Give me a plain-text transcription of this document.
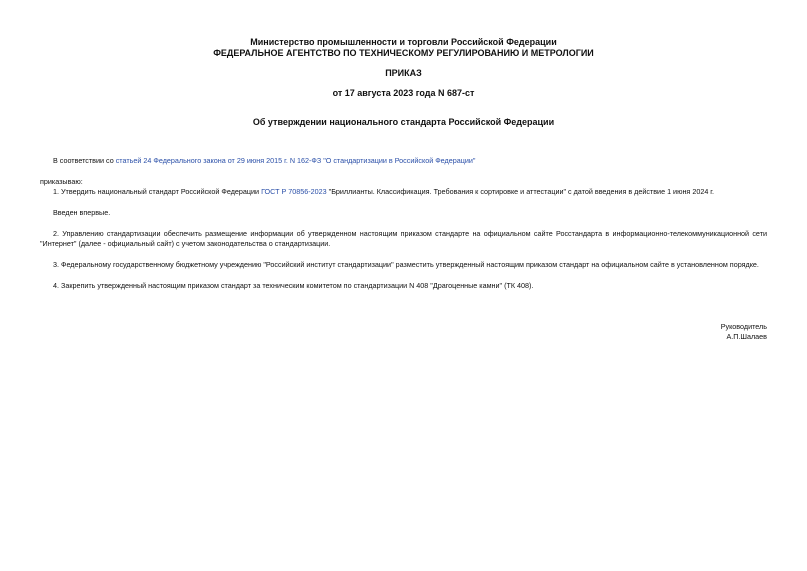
Министерство промышленности и торговли Российской Федерации
ФЕДЕРАЛЬНОЕ АГЕНТСТВО ПО ТЕХНИЧЕСКОМУ РЕГУЛИРОВАНИЮ И МЕТРОЛОГИИ
ПРИКАЗ
от 17 августа 2023 года N 687-ст
Об утверждении национального стандарта Российской Федерации
В соответствии со статьей 24 Федерального закона от 29 июня 2015 г. N 162-ФЗ "О стандартизации в Российской Федерации"
приказываю:
1. Утвердить национальный стандарт Российской Федерации ГОСТ Р 70856-2023 "Бриллианты. Классификация. Требования к сортировке и аттестации" с датой введения в действие 1 июня 2024 г.
Введен впервые.
2. Управлению стандартизации обеспечить размещение информации об утвержденном настоящим приказом стандарте на официальном сайте Росстандарта в информационно-телекоммуникационной сети "Интернет" (далее - официальный сайт) с учетом законодательства о стандартизации.
3. Федеральному государственному бюджетному учреждению "Российский институт стандартизации" разместить утвержденный настоящим приказом стандарт на официальном сайте в установленном порядке.
4. Закрепить утвержденный настоящим приказом стандарт за техническим комитетом по стандартизации N 408 "Драгоценные камни" (ТК 408).
Руководитель
А.П.Шалаев
